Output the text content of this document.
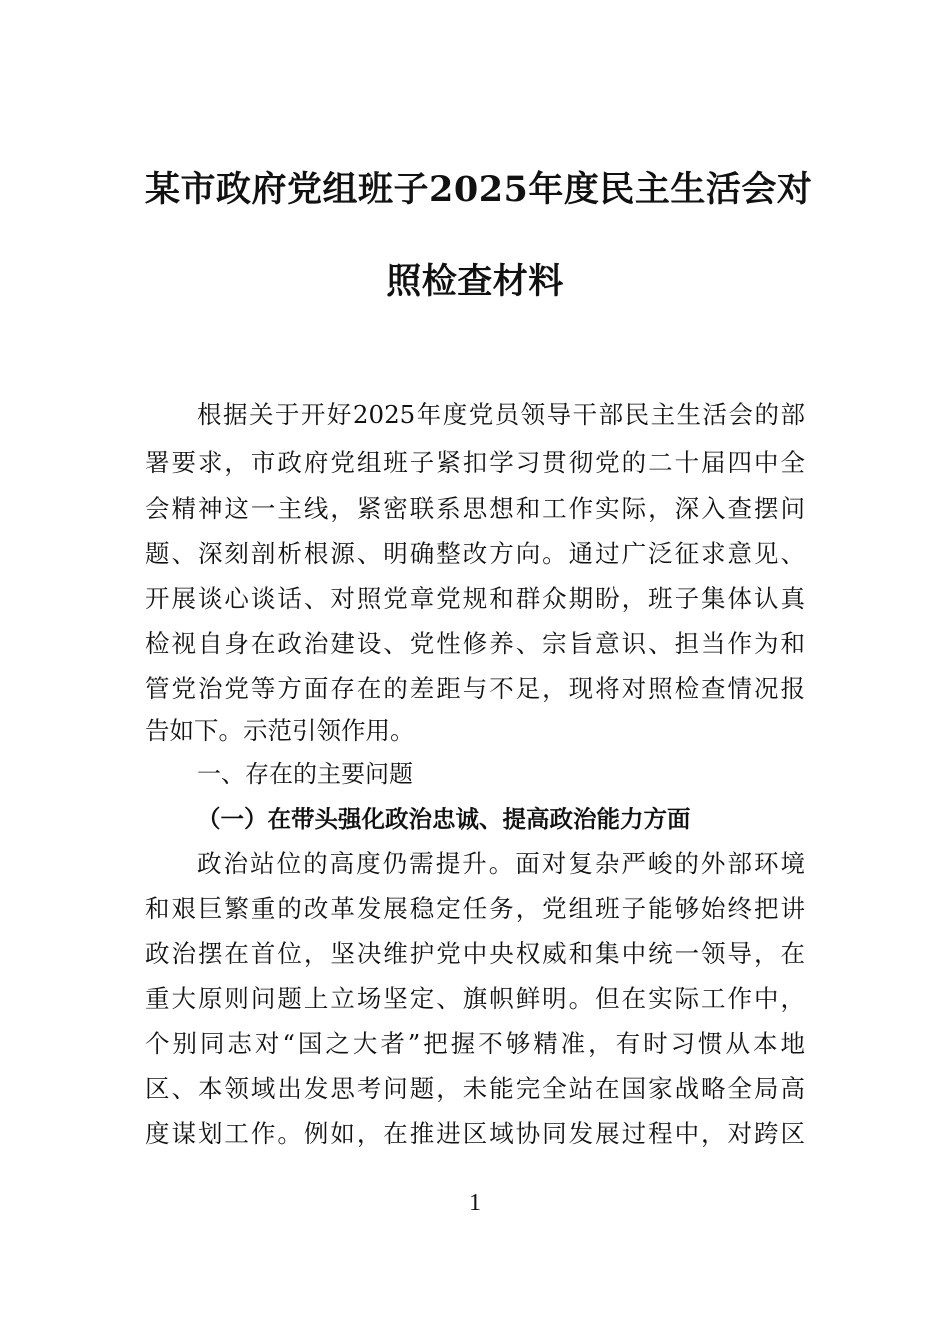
某市政府党组班子2025年度民主生活会对
照检查材料
根据关于开好2025年度党员领导干部民主生活会的部
署要求，市政府党组班子紧扣学习贯彻党的二十届四中全
会精神这一主线，紧密联系思想和工作实际，深入查摆问
题、深刻剖析根源、明确整改方向。通过广泛征求意见、
开展谈心谈话、对照党章党规和群众期盼，班子集体认真
检视自身在政治建设、党性修养、宗旨意识、担当作为和
管党治党等方面存在的差距与不足，现将对照检查情况报
告如下。示范引领作用。
一、存在的主要问题
（一）在带头强化政治忠诚、提高政治能力方面
政治站位的高度仍需提升。面对复杂严峻的外部环境
和艰巨繁重的改革发展稳定任务，党组班子能够始终把讲
政治摆在首位，坚决维护党中央权威和集中统一领导，在
重大原则问题上立场坚定、旗帜鲜明。但在实际工作中，
个别同志对“国之大者”把握不够精准，有时习惯从本地
区、本领域出发思考问题，未能完全站在国家战略全局高
度谋划工作。例如，在推进区域协同发展过程中，对跨区
1
